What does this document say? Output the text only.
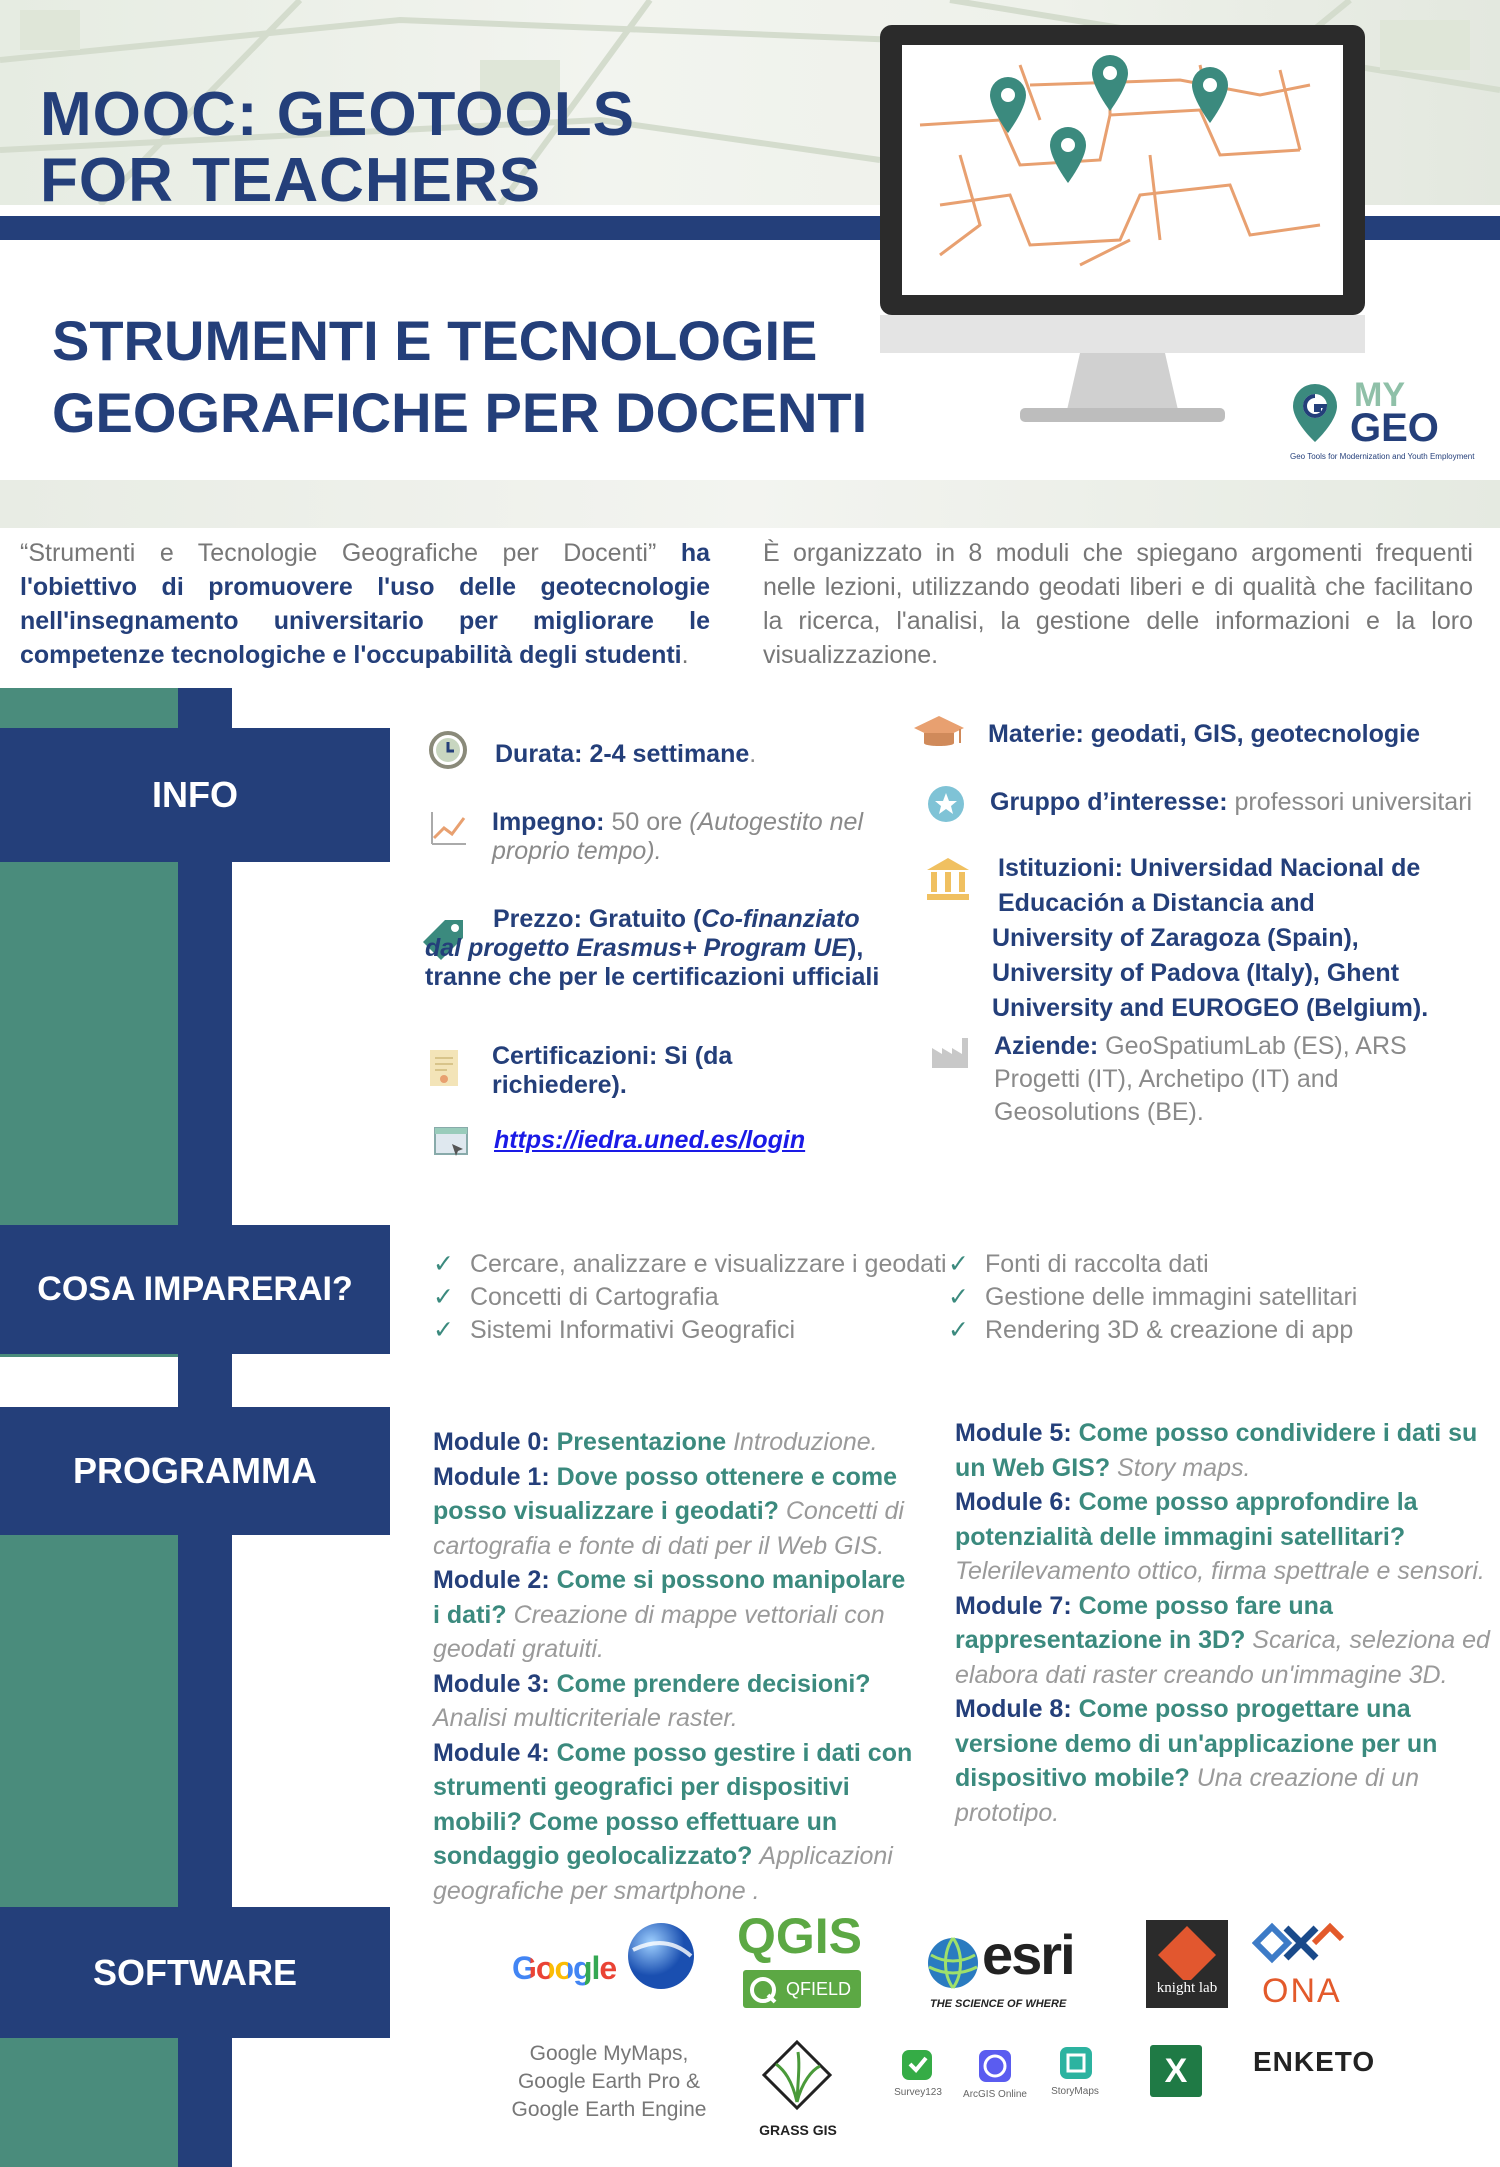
MOOC: GEOTOOLS
FOR TEACHERS
STRUMENTI E TECNOLOGIE
GEOGRAFICHE PER DOCENTI	MY
GEO
Geo Tools for Modernization and Youth Employment
“Strumenti e Tecnologie Geografiche per Docenti” ha l'obiettivo di promuovere l'uso delle geotecnologie nell'insegnamento universitario per migliorare le competenze tecnologiche e l'occupabilità degli studenti.
È organizzato in 8 moduli che spiegano argomenti frequenti nelle lezioni, utilizzando geodati liberi e di qualità che facilitano la ricerca, l'analisi, la gestione delle informazioni e la loro visualizzazione.
INFO
COSA IMPARERAI?
PROGRAMMA
SOFTWARE
Durata: 2-4 settimane.
Impegno: 50 ore (Autogestito nel proprio tempo).
Prezzo: Gratuito (Co-finanziato dal progetto Erasmus+ Program UE), tranne che per le certificazioni ufficiali
Certificazioni: Si (da richiedere).
https://iedra.uned.es/login
Materie: geodati, GIS, geotecnologie
Gruppo d’interesse: professori universitari
Istituzioni: Universidad Nacional de
Educación a Distancia and
University of Zaragoza (Spain),
University of Padova (Italy), Ghent
University and EUROGEO (Belgium).
Aziende: GeoSpatiumLab (ES), ARS Progetti (IT), Archetipo (IT) and Geosolutions (BE).
✓ Cercare, analizzare e visualizzare i geodati
✓ Concetti di Cartografia
✓ Sistemi Informativi Geografici
✓ Fonti di raccolta dati
✓ Gestione delle immagini satellitari
✓ Rendering 3D & creazione di app
Module 0: Presentazione Introduzione.
Module 1: Dove posso ottenere e come posso visualizzare i geodati? Concetti di cartografia e fonte di dati per il Web GIS.
Module 2: Come si possono manipolare i dati? Creazione di mappe vettoriali con geodati gratuiti.
Module 3: Come prendere decisioni? Analisi multicriteriale raster.
Module 4: Come posso gestire i dati con strumenti geografici per dispositivi mobili? Come posso effettuare un sondaggio geolocalizzato? Applicazioni geografiche per smartphone .
Module 5: Come posso condividere i dati su un Web GIS? Story maps.
Module 6: Come posso approfondire la potenzialità delle immagini satellitari? Telerilevamento ottico, firma spettrale e sensori.
Module 7: Come posso fare una rappresentazione in 3D? Scarica, seleziona ed elabora dati raster creando un'immagine 3D.
Module 8: Come posso progettare una versione demo di un'applicazione per un dispositivo mobile? Una creazione di un prototipo.
Google
Google MyMaps,
Google Earth Pro &
Google Earth Engine
QGIS
QFIELD
GRASS GIS
esri
THE SCIENCE OF WHERE
Survey123	ArcGIS Online	StoryMaps
knight lab	ONA
X ENKETO
